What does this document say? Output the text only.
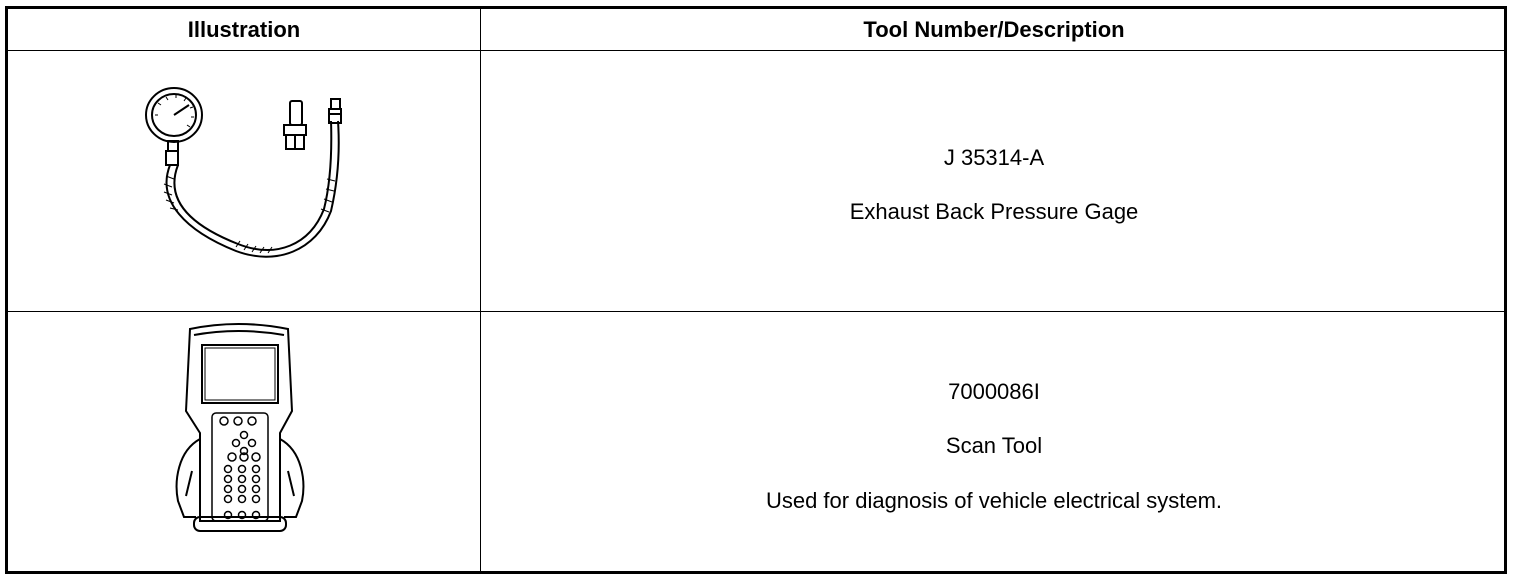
Illustration	Tool Number/Description
J 35314-A
Exhaust Back Pressure Gage
7000086I
Scan Tool
Used for diagnosis of vehicle electrical system.
